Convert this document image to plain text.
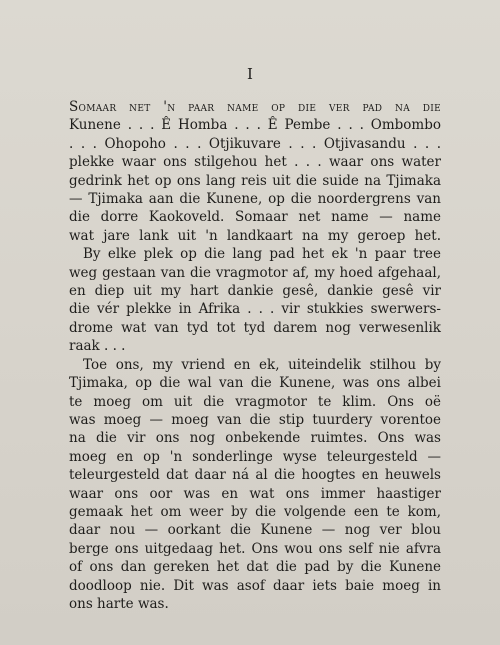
I
Somaar net 'n paar name op die ver pad na die
Kunene . . . Ê Homba . . . Ê Pembe . . . Ombombo
. . . Ohopoho . . . Otjikuvare . . . Otjivasandu . . .
plekke waar ons stilgehou het . . . waar ons water
gedrink het op ons lang reis uit die suide na Tjimaka
— Tjimaka aan die Kunene, op die noordergrens van
die dorre Kaokoveld. Somaar net name — name
wat jare lank uit 'n landkaart na my geroep het.
By elke plek op die lang pad het ek 'n paar tree
weg gestaan van die vragmotor af, my hoed afgehaal,
en diep uit my hart dankie gesê, dankie gesê vir
die vér plekke in Afrika . . . vir stukkies swerwers-
drome wat van tyd tot tyd darem nog verwesenlik
raak . . .
Toe ons, my vriend en ek, uiteindelik stilhou by
Tjimaka, op die wal van die Kunene, was ons albei
te moeg om uit die vragmotor te klim. Ons oë
was moeg — moeg van die stip tuurdery vorentoe
na die vir ons nog onbekende ruimtes. Ons was
moeg en op 'n sonderlinge wyse teleurgesteld —
teleurgesteld dat daar ná al die hoogtes en heuwels
waar ons oor was en wat ons immer haastiger
gemaak het om weer by die volgende een te kom,
daar nou — oorkant die Kunene — nog ver blou
berge ons uitgedaag het. Ons wou ons self nie afvra
of ons dan gereken het dat die pad by die Kunene
doodloop nie. Dit was asof daar iets baie moeg in
ons harte was.
